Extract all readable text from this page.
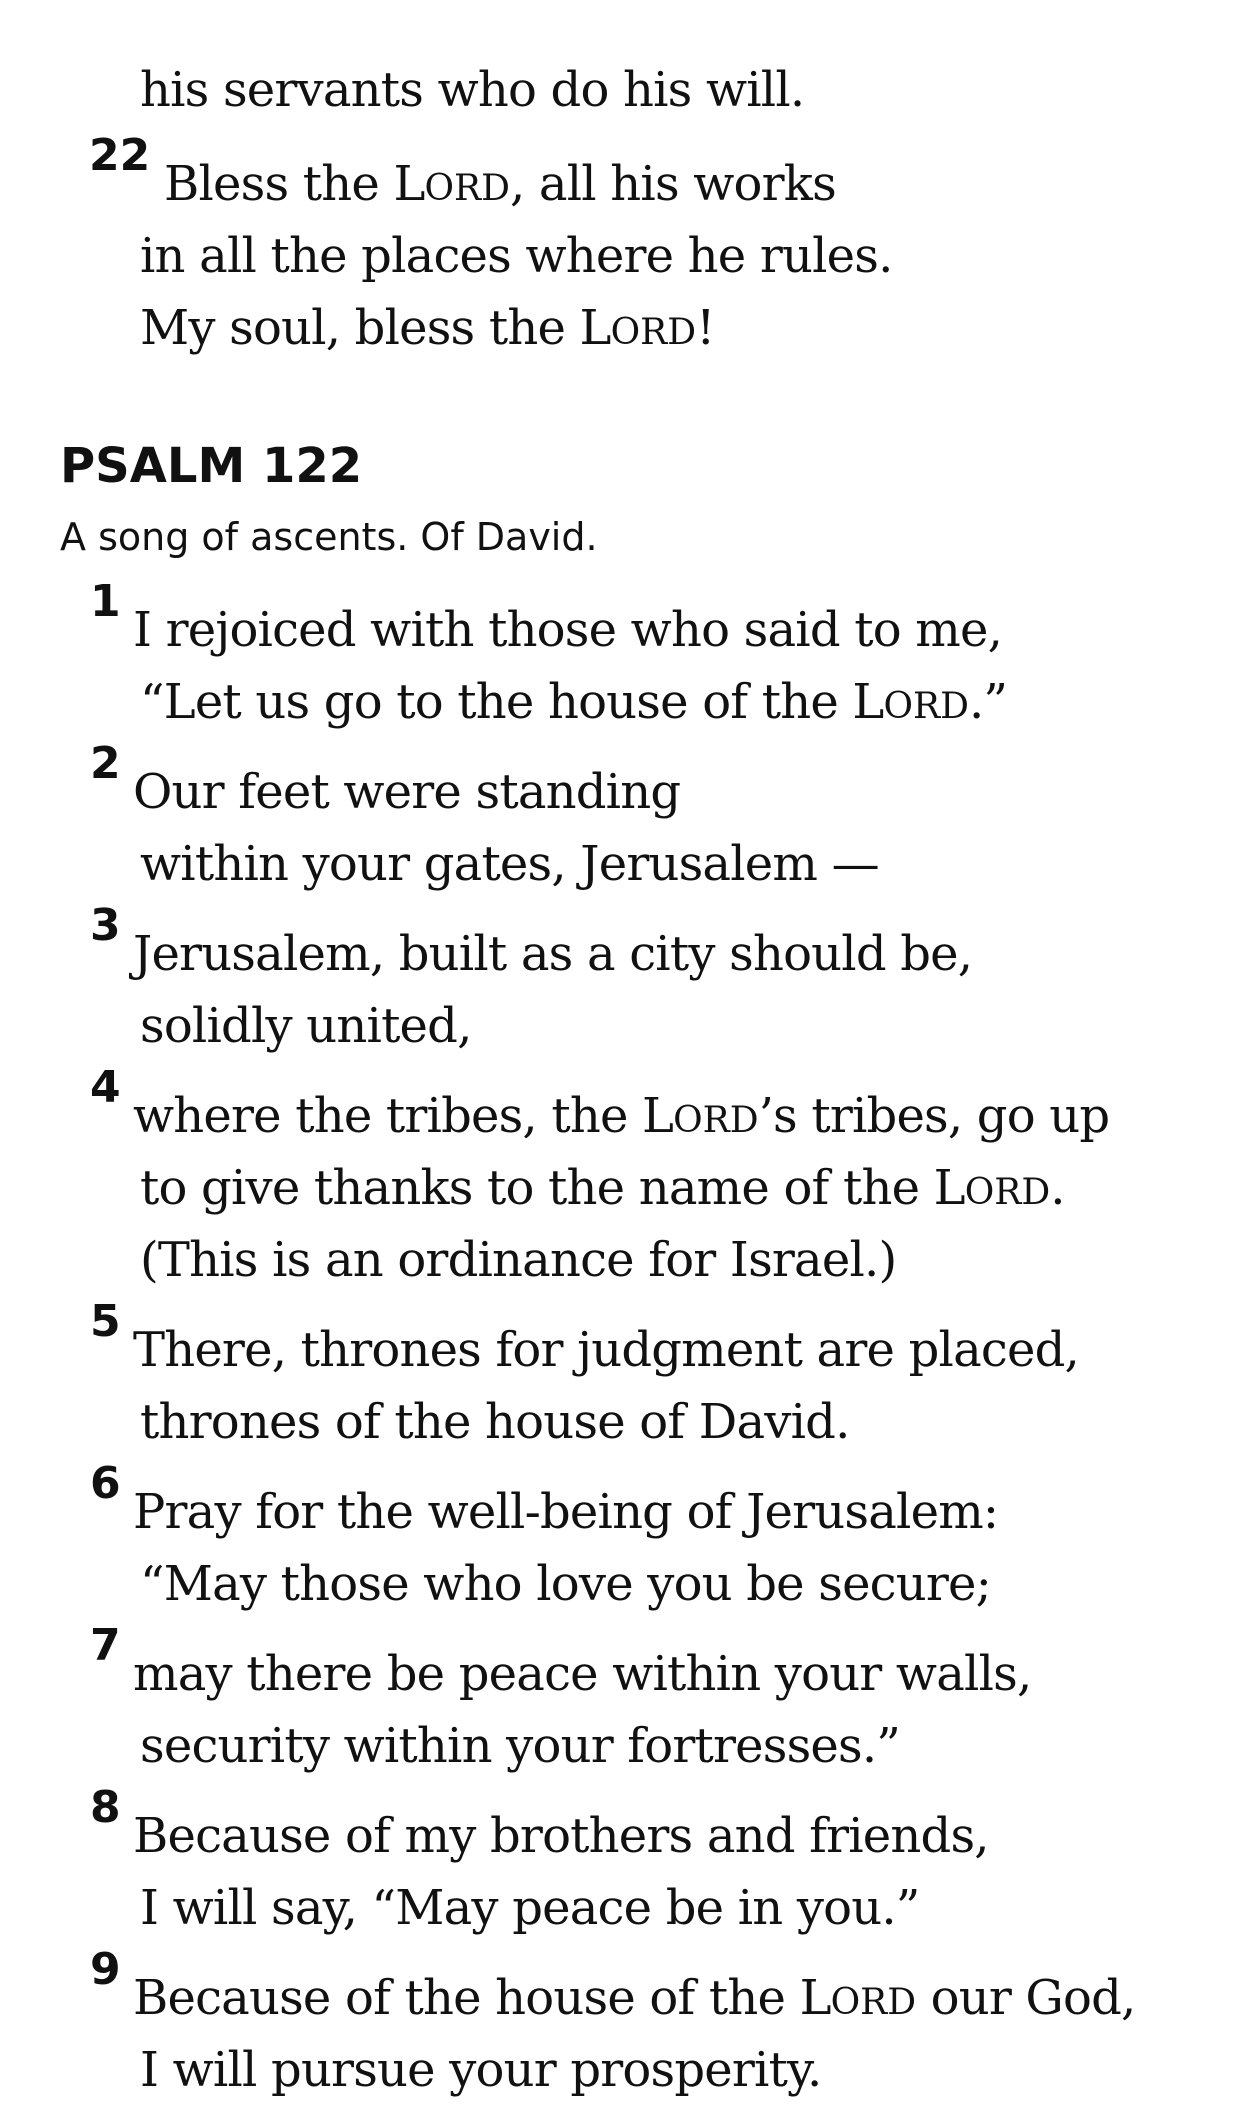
his servants who do his will.
22
Bless the LORD, all his works
in all the places where he rules.
My soul, bless the LORD!
PSALM 122
A song of ascents. Of David.
1
I rejoiced with those who said to me,
“Let us go to the house of the LORD.”
2
Our feet were standing
within your gates, Jerusalem —
3
Jerusalem, built as a city should be,
solidly united,
4
where the tribes, the LORD’s tribes, go up
to give thanks to the name of the LORD.
(This is an ordinance for Israel.)
5
There, thrones for judgment are placed,
thrones of the house of David.
6
Pray for the well-being of Jerusalem:
“May those who love you be secure;
7
may there be peace within your walls,
security within your fortresses.”
8
Because of my brothers and friends,
I will say, “May peace be in you.”
9
Because of the house of the LORD our God,
I will pursue your prosperity.
